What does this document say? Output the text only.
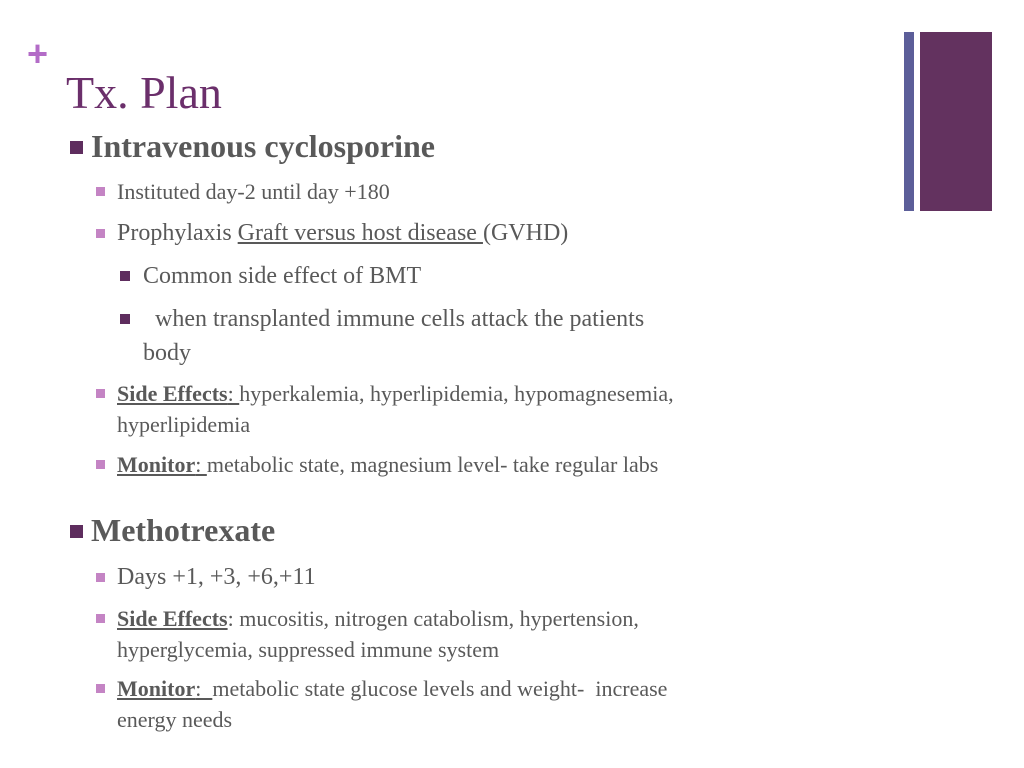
+
Tx. Plan
Intravenous cyclosporine
Instituted day-2 until day +180
Prophylaxis Graft versus host disease (GVHD)
Common side effect of BMT
when transplanted immune cells attack the patients
body
Side Effects: hyperkalemia, hyperlipidemia, hypomagnesemia,
hyperlipidemia
Monitor: metabolic state, magnesium level- take regular labs
Methotrexate
Days +1, +3, +6,+11
Side Effects: mucositis, nitrogen catabolism, hypertension,
hyperglycemia, suppressed immune system
Monitor:  metabolic state glucose levels and weight-  increase
energy needs
